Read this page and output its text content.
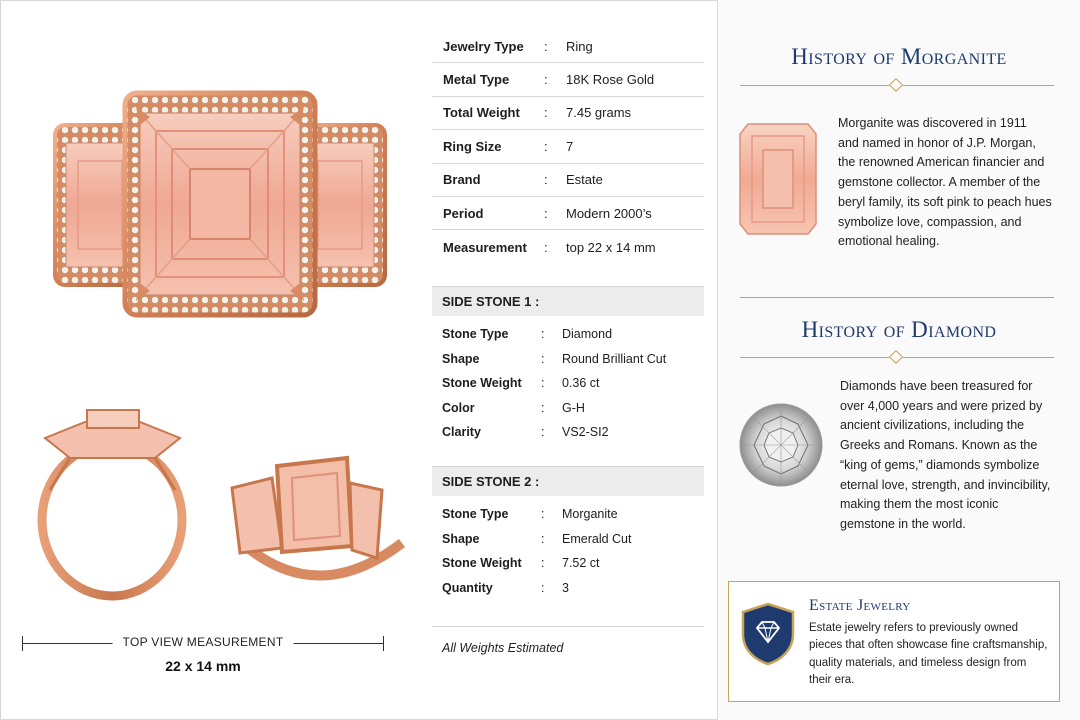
TOP VIEW MEASUREMENT
22 x 14 mm
Jewelry Type	:	Ring
Metal Type	:	18K Rose Gold
Total Weight	:	7.45 grams
Ring Size	:	7
Brand	:	Estate
Period	:	Modern 2000’s
Measurement	:	top 22 x 14 mm
SIDE STONE 1 :
Stone Type	:	Diamond
Shape	:	Round Brilliant Cut
Stone Weight	:	0.36 ct
Color	:	G-H
Clarity	:	VS2-SI2
SIDE STONE 2 :
Stone Type	:	Morganite
Shape	:	Emerald Cut
Stone Weight	:	7.52 ct
Quantity	:	3
All Weights Estimated
History of Morganite
Morganite was discovered in 1911
and named in honor of J.P. Morgan,
the renowned American financier and
gemstone collector. A member of the
beryl family, its soft pink to peach hues
symbolize love, compassion, and
emotional healing.
History of Diamond
Diamonds have been treasured for
over 4,000 years and were prized by
ancient civilizations, including the
Greeks and Romans. Known as the
“king of gems,” diamonds symbolize
eternal love, strength, and invincibility,
making them the most iconic
gemstone in the world.
Estate Jewelry
Estate jewelry refers to previously owned
pieces that often showcase fine craftsmanship,
quality materials, and timeless design from
their era.
